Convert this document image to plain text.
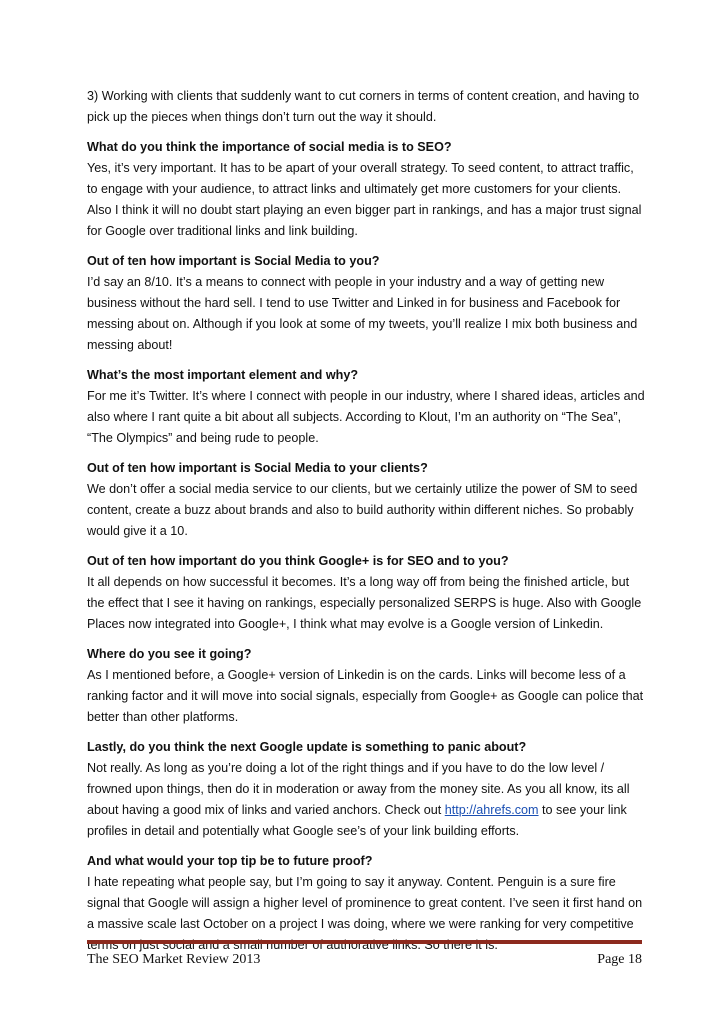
3) Working with clients that suddenly want to cut corners in terms of content creation, and having to pick up the pieces when things don’t turn out the way it should.

What do you think the importance of social media is to SEO?
Yes, it’s very important. It has to be apart of your overall strategy. To seed content, to attract traffic, to engage with your audience, to attract links and ultimately get more customers for your clients. Also I think it will no doubt start playing an even bigger part in rankings, and has a major trust signal for Google over traditional links and link building.
Out of ten how important is Social Media to you?
I’d say an 8/10. It’s a means to connect with people in your industry and a way of getting new business without the hard sell. I tend to use Twitter and Linked in for business and Facebook for messing about on. Although if you look at some of my tweets, you’ll realize I mix both business and messing about!
What’s the most important element and why?
For me it’s Twitter. It’s where I connect with people in our industry, where I shared ideas, articles and also where I rant quite a bit about all subjects. According to Klout, I’m an authority on “The Sea”, “The Olympics” and being rude to people.
Out of ten how important is Social Media to your clients?
We don’t offer a social media service to our clients, but we certainly utilize the power of SM to seed content, create a buzz about brands and also to build authority within different niches. So probably would give it a 10.
Out of ten how important do you think Google+ is for SEO and to you?
It all depends on how successful it becomes. It’s a long way off from being the finished article, but the effect that I see it having on rankings, especially personalized SERPS is huge. Also with Google Places now integrated into Google+, I think what may evolve is a Google version of Linkedin.
Where do you see it going?
As I mentioned before, a Google+ version of Linkedin is on the cards. Links will become less of a ranking factor and it will move into social signals, especially from Google+ as Google can police that better than other platforms.
Lastly, do you think the next Google update is something to panic about?
Not really. As long as you’re doing a lot of the right things and if you have to do the low level / frowned upon things, then do it in moderation or away from the money site. As you all know, its all about having a good mix of links and varied anchors. Check out http://ahrefs.com to see your link profiles in detail and potentially what Google see’s of your link building efforts.
And what would your top tip be to future proof?
I hate repeating what people say, but I’m going to say it anyway. Content. Penguin is a sure fire signal that Google will assign a higher level of prominence to great content. I’ve seen it first hand on a massive scale last October on a project I was doing, where we were ranking for very competitive terms on just social and a small number of authorative links. So there it is.
The SEO Market Review 2013	Page 18
